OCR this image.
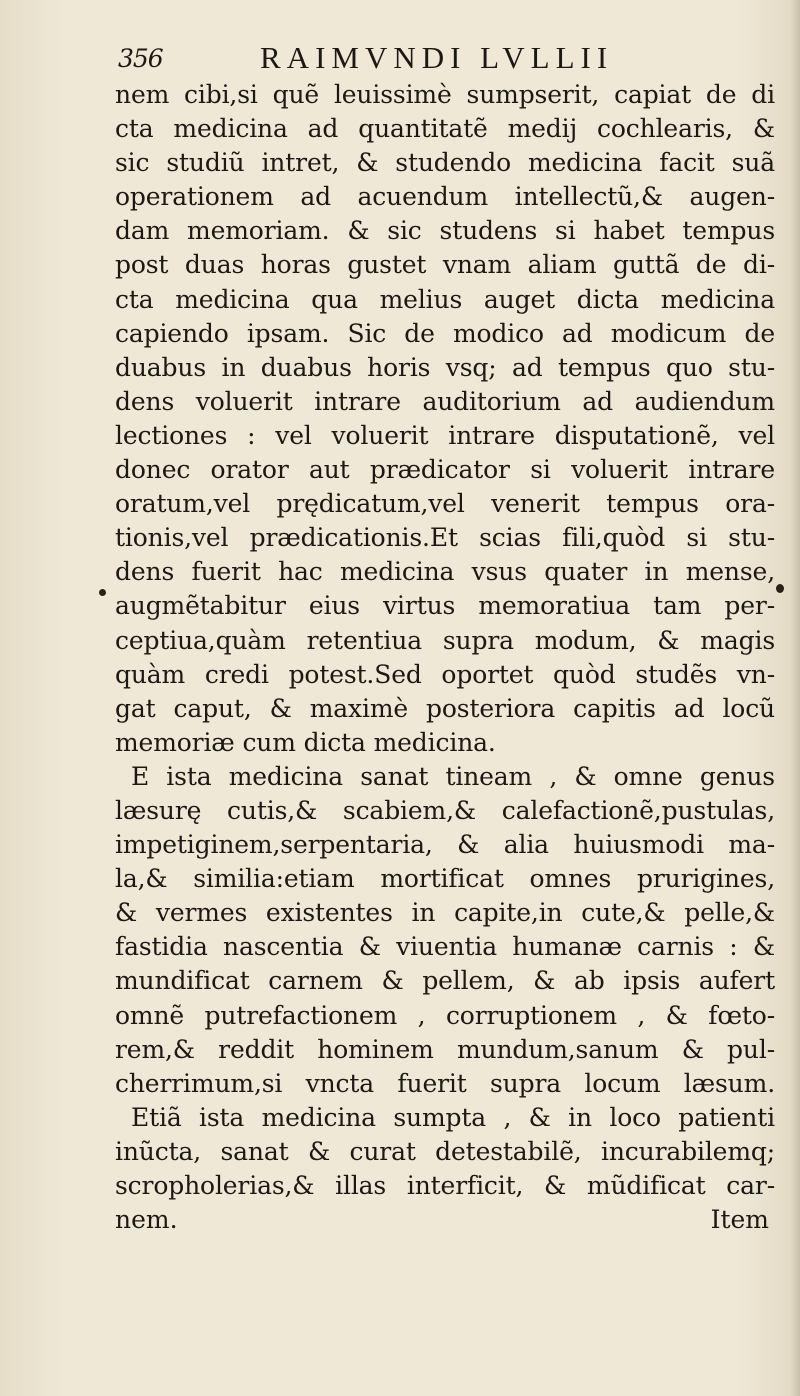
356	RAIMVNDI LVLLII
nem cibi,si quẽ leuissimè sumpserit, capiat de di
cta medicina ad quantitatẽ medij cochlearis, &
sic studiũ intret, & studendo medicina facit suã
operationem ad acuendum intellectũ,& augen-
dam memoriam. & sic studens si habet tempus
post duas horas gustet vnam aliam guttã de di-
cta medicina qua melius auget dicta medicina
capiendo ipsam. Sic de modico ad modicum de
duabus in duabus horis vsq; ad tempus quo stu-
dens voluerit intrare auditorium ad audiendum
lectiones : vel voluerit intrare disputationẽ, vel
donec orator aut prædicator si voluerit intrare
oratum,vel prędicatum,vel venerit tempus ora-
tionis,vel prædicationis.Et scias fili,quòd si stu-
dens fuerit hac medicina vsus quater in mense,
augmẽtabitur eius virtus memoratiua tam per-
ceptiua,quàm retentiua supra modum, & magis
quàm credi potest.Sed oportet quòd studẽs vn-
gat caput, & maximè posteriora capitis ad locũ
memoriæ cum dicta medicina.
E ista medicina sanat tineam , & omne genus
læsurę cutis,& scabiem,& calefactionẽ,pustulas,
impetiginem,serpentaria, & alia huiusmodi ma-
la,& similia:etiam mortificat omnes prurigines,
& vermes existentes in capite,in cute,& pelle,&
fastidia nascentia & viuentia humanæ carnis : &
mundificat carnem & pellem, & ab ipsis aufert
omnẽ putrefactionem , corruptionem , & fœto-
rem,& reddit hominem mundum,sanum & pul-
cherrimum,si vncta fuerit supra locum læsum.
Etiã ista medicina sumpta , & in loco patienti
inũcta, sanat & curat detestabilẽ, incurabilemq;
scropholerias,& illas interficit, & mũdificat car-
nem.	Item
